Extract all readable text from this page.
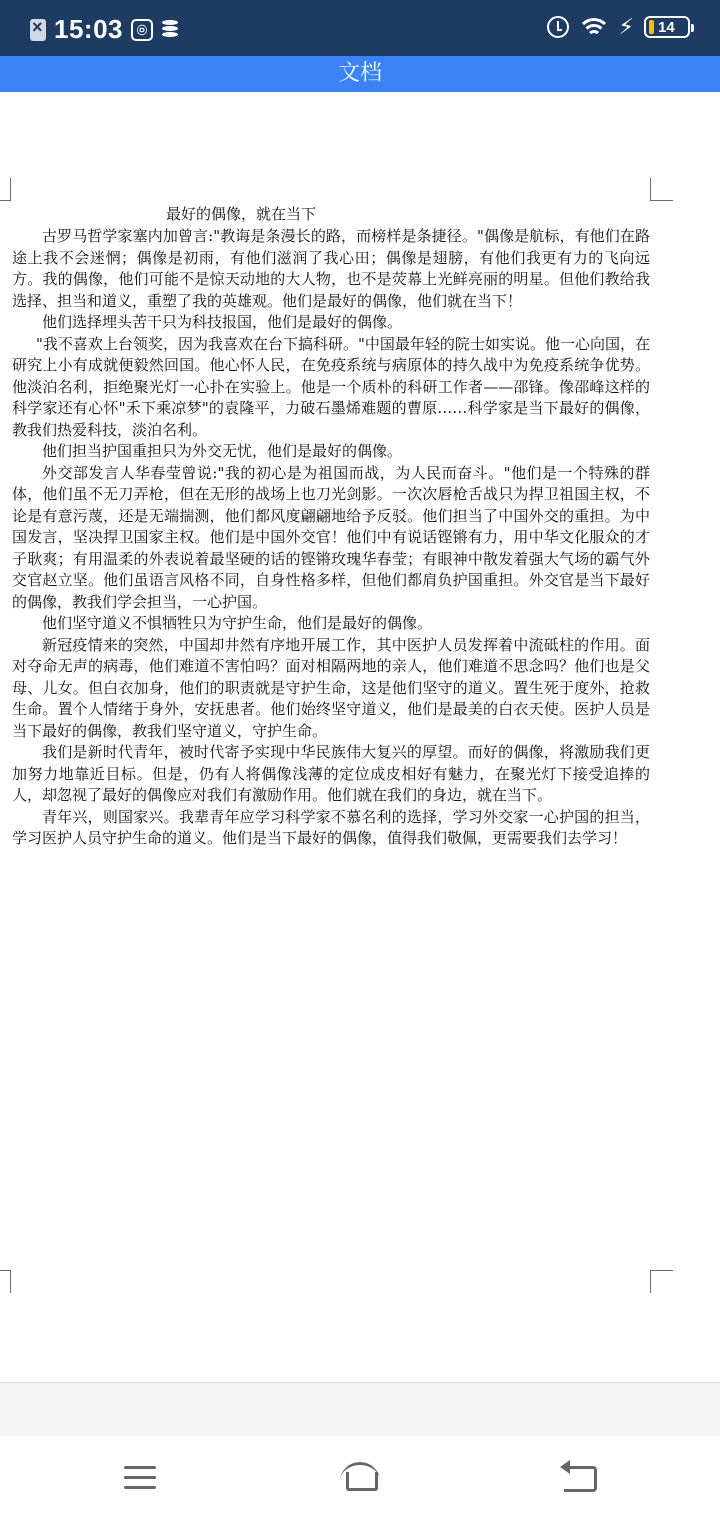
×
15:03	㉧	⚡ 14
文档

最好的偶像，就在当下

古罗马哲学家塞内加曾言:"教诲是条漫长的路，而榜样是条捷径。"偶像是航标，有他们在路途上我不会迷惘；偶像是初雨，有他们滋润了我心田；偶像是翅膀，有他们我更有力的飞向远方。我的偶像，他们可能不是惊天动地的大人物，也不是荧幕上光鲜亮丽的明星。但他们教给我选择、担当和道义，重塑了我的英雄观。他们是最好的偶像，他们就在当下！

他们选择埋头苦干只为科技报国，他们是最好的偶像。

"我不喜欢上台领奖，因为我喜欢在台下搞科研。"中国最年轻的院士如实说。他一心向国，在研究上小有成就便毅然回国。他心怀人民，在免疫系统与病原体的持久战中为免疫系统争优势。他淡泊名利，拒绝聚光灯一心扑在实验上。他是一个质朴的科研工作者——邵锋。像邵峰这样的科学家还有心怀"禾下乘凉梦"的袁隆平，力破石墨烯难题的曹原……科学家是当下最好的偶像，教我们热爱科技，淡泊名利。

他们担当护国重担只为外交无忧，他们是最好的偶像。

外交部发言人华春莹曾说:"我的初心是为祖国而战，为人民而奋斗。"他们是一个特殊的群体，他们虽不无刀弄枪，但在无形的战场上也刀光剑影。一次次唇枪舌战只为捍卫祖国主权，不论是有意污蔑，还是无端揣测，他们都风度翩翩地给予反驳。他们担当了中国外交的重担。为中国发言，坚决捍卫国家主权。他们是中国外交官！他们中有说话铿锵有力，用中华文化服众的才子耿爽；有用温柔的外表说着最坚硬的话的铿锵玫瑰华春莹；有眼神中散发着强大气场的霸气外交官赵立坚。他们虽语言风格不同，自身性格多样，但他们都肩负护国重担。外交官是当下最好的偶像，教我们学会担当，一心护国。

他们坚守道义不惧牺牲只为守护生命，他们是最好的偶像。

新冠疫情来的突然，中国却井然有序地开展工作，其中医护人员发挥着中流砥柱的作用。面对夺命无声的病毒，他们难道不害怕吗？面对相隔两地的亲人，他们难道不思念吗？他们也是父母、儿女。但白衣加身，他们的职责就是守护生命，这是他们坚守的道义。置生死于度外，抢救生命。置个人情绪于身外，安抚患者。他们始终坚守道义，他们是最美的白衣天使。医护人员是当下最好的偶像，教我们坚守道义，守护生命。

我们是新时代青年，被时代寄予实现中华民族伟大复兴的厚望。而好的偶像，将激励我们更加努力地靠近目标。但是，仍有人将偶像浅薄的定位成皮相好有魅力，在聚光灯下接受追捧的人，却忽视了最好的偶像应对我们有激励作用。他们就在我们的身边，就在当下。

青年兴，则国家兴。我辈青年应学习科学家不慕名利的选择，学习外交家一心护国的担当，学习医护人员守护生命的道义。他们是当下最好的偶像，值得我们敬佩，更需要我们去学习！
